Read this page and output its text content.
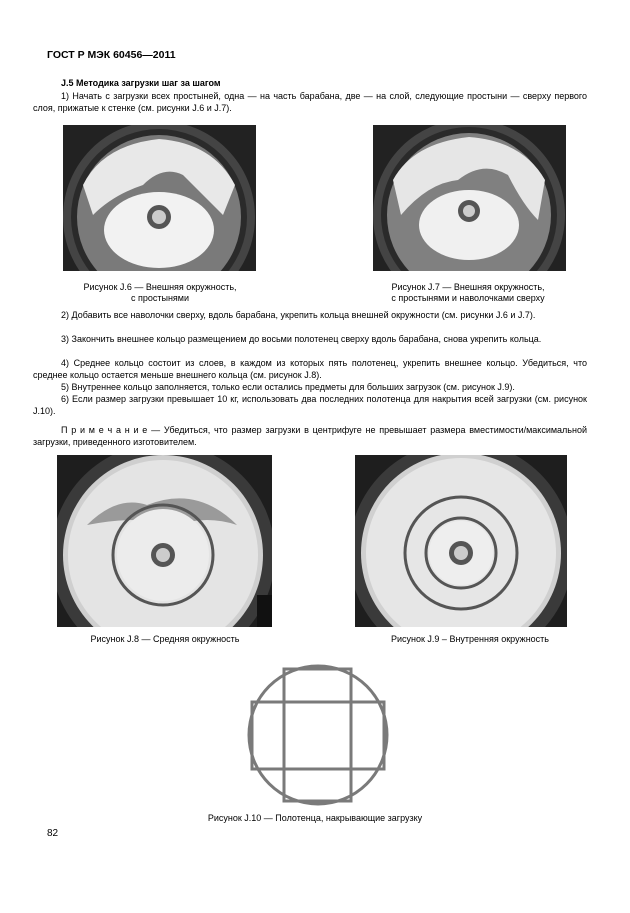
ГОСТ Р МЭК 60456—2011
J.5 Методика загрузки шаг за шагом
1) Начать с загрузки всех простыней, одна — на часть барабана, две — на слой, следующие простыни — сверху первого слоя, прижатые к стенке (см. рисунки J.6 и J.7).
Рисунок J.6 — Внешняя окружность,
с простынями
Рисунок J.7 — Внешняя окружность,
с простынями и наволочками сверху
2) Добавить все наволочки сверху, вдоль барабана, укрепить кольца внешней окружности (см. рисунки J.6 и J.7).
3) Закончить внешнее кольцо размещением до восьми полотенец сверху вдоль барабана, снова укрепить кольца.
4) Среднее кольцо состоит из слоев, в каждом из которых пять полотенец, укрепить внешнее кольцо. Убедиться, что среднее кольцо остается меньше внешнего кольца (см. рисунок J.8).
5) Внутреннее кольцо заполняется, только если остались предметы для больших загрузок (см. рисунок J.9).
6) Если размер загрузки превышает 10 кг, использовать два последних полотенца для накрытия всей загрузки (см. рисунок J.10).
П р и м е ч а н и е — Убедиться, что размер загрузки в центрифуге не превышает размера вместимости/максимальной загрузки, приведенного изготовителем.
Рисунок J.8 — Средняя окружность	Рисунок J.9 – Внутренняя окружность
Рисунок J.10 — Полотенца, накрывающие загрузку
82
